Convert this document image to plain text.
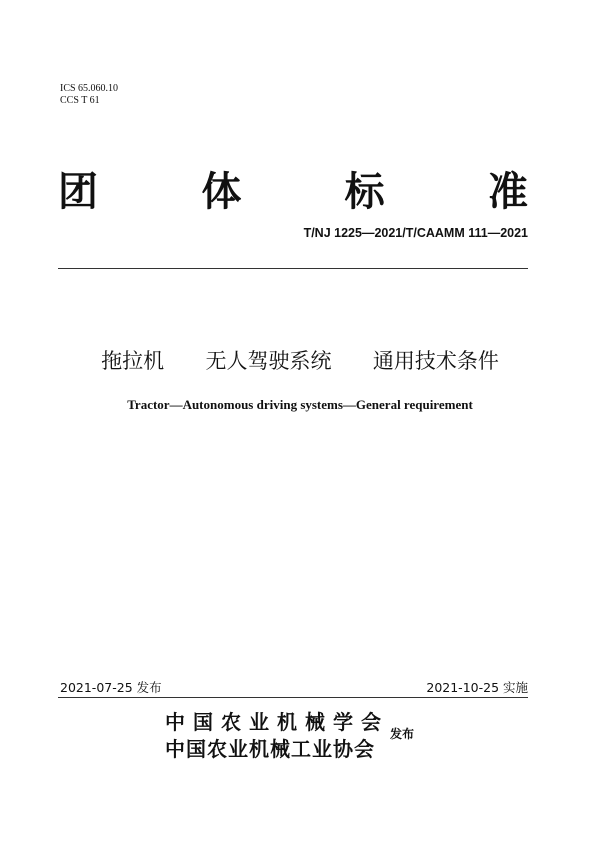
ICS 65.060.10
CCS T 61
团	体	标	准
T/NJ 1225—2021/T/CAAMM 111—2021
拖拉机  无人驾驶系统  通用技术条件
Tractor—Autonomous driving systems—General requirement
2021-07-25 发布	2021-10-25 实施
中国农业机械学会
中国农业机械工业协会
发布
